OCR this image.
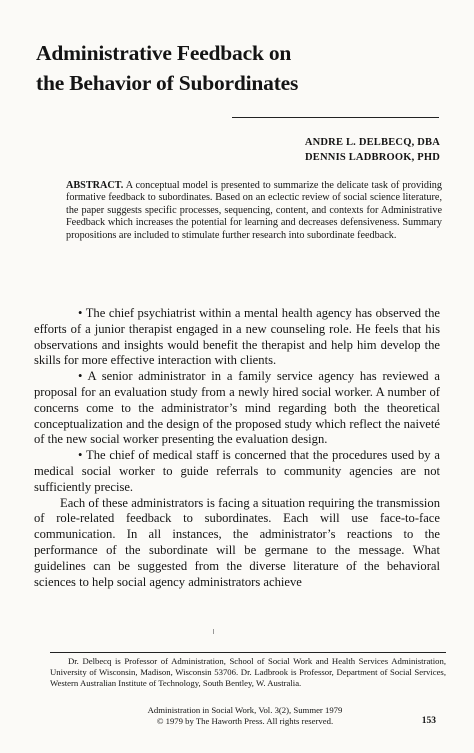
Administrative Feedback on
the Behavior of Subordinates
ANDRE L. DELBECQ, DBA
DENNIS LADBROOK, PHD
ABSTRACT. A conceptual model is presented to summarize the delicate task of providing formative feedback to subordinates. Based on an eclectic review of social science literature, the paper suggests specific processes, sequencing, content, and contexts for Administrative Feedback which increases the potential for learning and decreases defensiveness. Summary propositions are included to stimulate further research into subordinate feedback.

• The chief psychiatrist within a mental health agency has observed the efforts of a junior therapist engaged in a new counseling role. He feels that his observations and insights would benefit the therapist and help him develop the skills for more effective interaction with clients.

• A senior administrator in a family service agency has reviewed a proposal for an evaluation study from a newly hired social worker. A number of concerns come to the administrator’s mind regarding both the theoretical conceptualization and the design of the proposed study which reflect the naiveté of the new social worker presenting the evaluation design.

• The chief of medical staff is concerned that the procedures used by a medical social worker to guide referrals to community agencies are not sufficiently precise.

Each of these administrators is facing a situation requiring the transmission of role-related feedback to subordinates. Each will use face-to-face communication. In all instances, the administrator’s reactions to the performance of the subordinate will be germane to the message. What guidelines can be suggested from the diverse literature of the behavioral sciences to help social agency administrators achieve

Dr. Delbecq is Professor of Administration, School of Social Work and Health Services Administration, University of Wisconsin, Madison, Wisconsin 53706. Dr. Ladbrook is Professor, Department of Social Services, Western Australian Institute of Technology, South Bentley, W. Australia.
Administration in Social Work, Vol. 3(2), Summer 1979
© 1979 by The Haworth Press. All rights reserved.	153
